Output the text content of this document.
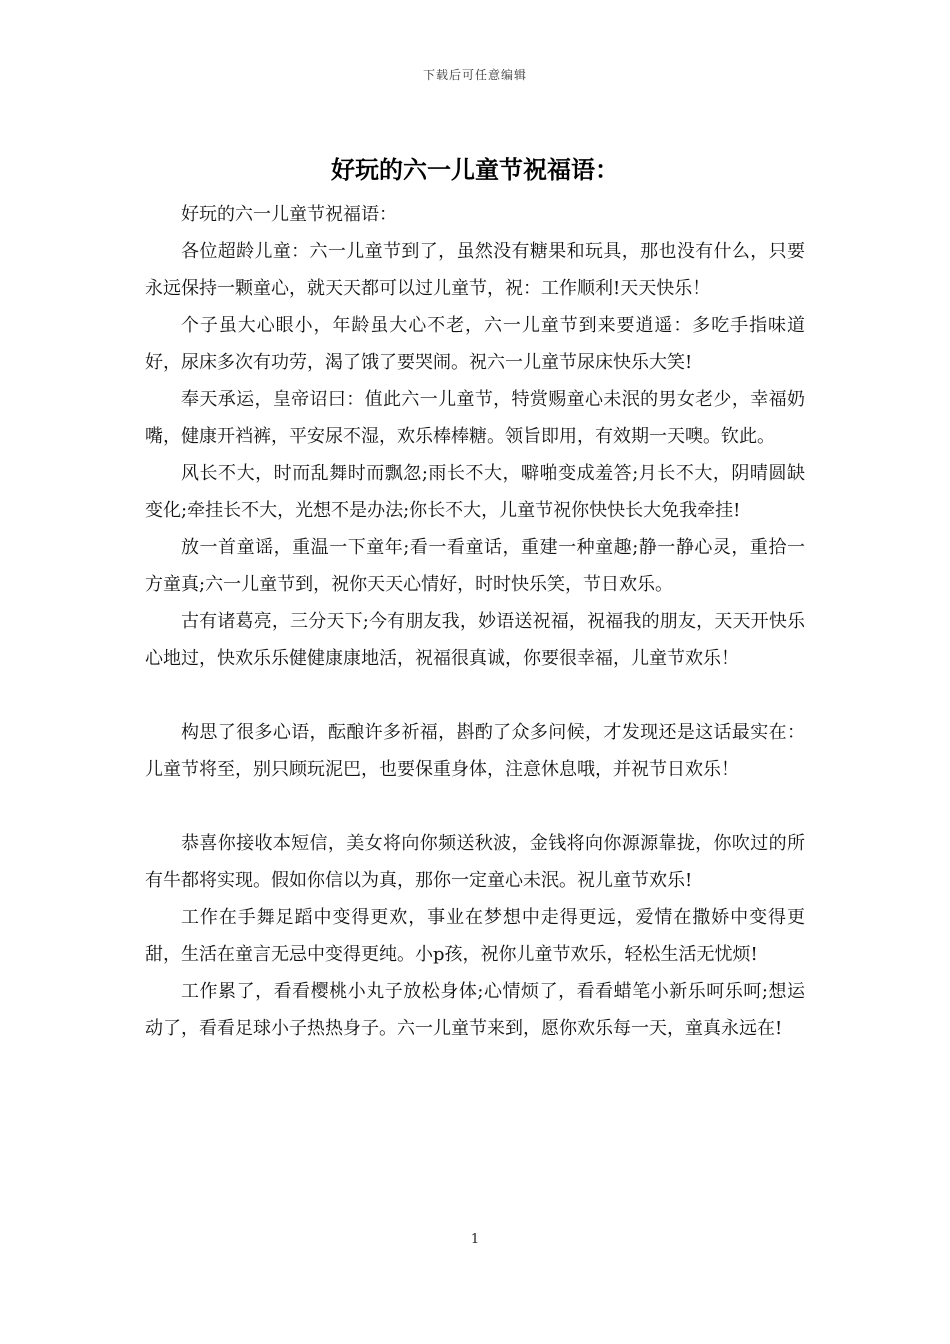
下载后可任意编辑
好玩的六一儿童节祝福语：

好玩的六一儿童节祝福语：

各位超龄儿童：六一儿童节到了，虽然没有糖果和玩具，那也没有什么，只要永远保持一颗童心，就天天都可以过儿童节，祝：工作顺利!天天快乐！

个子虽大心眼小，年龄虽大心不老，六一儿童节到来要逍遥：多吃手指味道好，尿床多次有功劳，渴了饿了要哭闹。祝六一儿童节尿床快乐大笑!

奉天承运，皇帝诏曰：值此六一儿童节，特赏赐童心未泯的男女老少，幸福奶嘴，健康开裆裤，平安尿不湿，欢乐棒棒糖。领旨即用，有效期一天噢。钦此。

风长不大，时而乱舞时而飘忽;雨长不大，噼啪变成羞答;月长不大，阴晴圆缺变化;牵挂长不大，光想不是办法;你长不大，儿童节祝你快快长大免我牵挂!

放一首童谣，重温一下童年;看一看童话，重建一种童趣;静一静心灵，重拾一方童真;六一儿童节到，祝你天天心情好，时时快乐笑，节日欢乐。

古有诸葛亮，三分天下;今有朋友我，妙语送祝福，祝福我的朋友，天天开快乐心地过，快欢乐乐健健康康地活，祝福很真诚，你要很幸福，儿童节欢乐！

构思了很多心语，酝酿许多祈福，斟酌了众多问候，才发现还是这话最实在：儿童节将至，别只顾玩泥巴，也要保重身体，注意休息哦，并祝节日欢乐！

恭喜你接收本短信，美女将向你频送秋波，金钱将向你源源靠拢，你吹过的所有牛都将实现。假如你信以为真，那你一定童心未泯。祝儿童节欢乐!

工作在手舞足蹈中变得更欢，事业在梦想中走得更远，爱情在撒娇中变得更甜，生活在童言无忌中变得更纯。小p孩，祝你儿童节欢乐，轻松生活无忧烦!

工作累了，看看樱桃小丸子放松身体;心情烦了，看看蜡笔小新乐呵乐呵;想运动了，看看足球小子热热身子。六一儿童节来到，愿你欢乐每一天，童真永远在!

1
